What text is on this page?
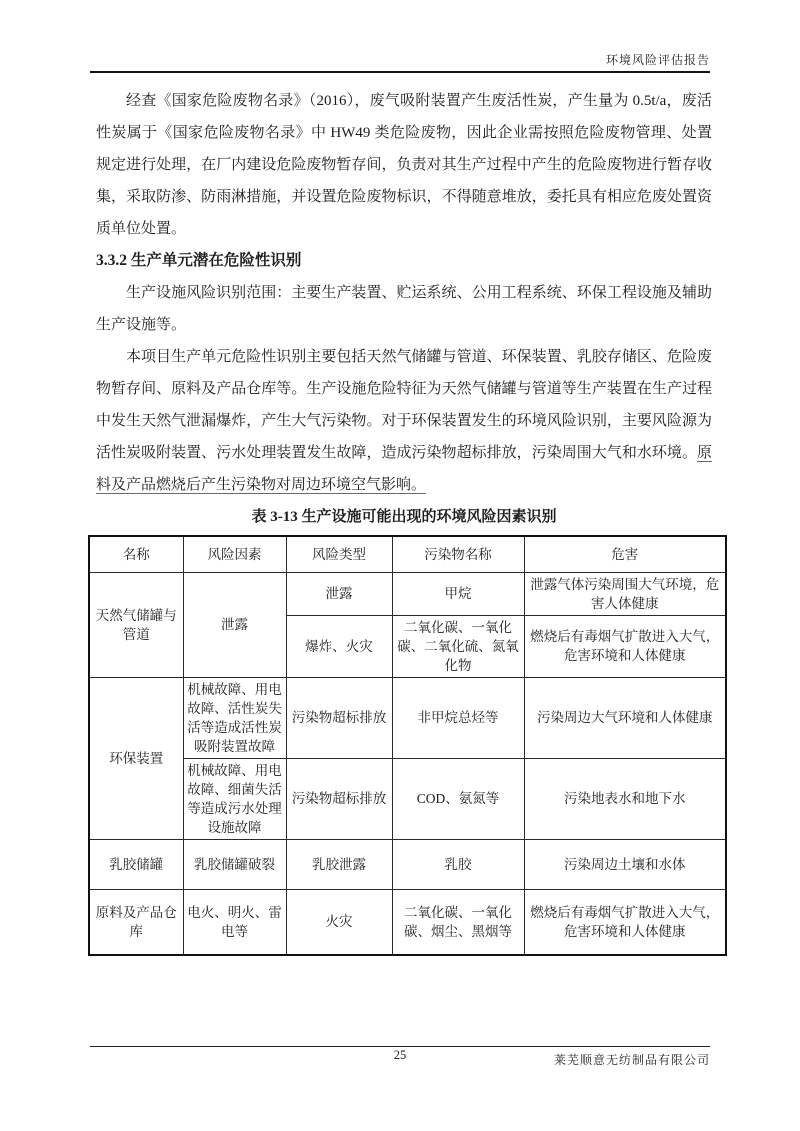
环境风险评估报告

经查《国家危险废物名录》（2016），废气吸附装置产生废活性炭，产生量为 0.5t/a，废活性炭属于《国家危险废物名录》中 HW49 类危险废物，因此企业需按照危险废物管理、处置规定进行处理，在厂内建设危险废物暂存间，负责对其生产过程中产生的危险废物进行暂存收集，采取防渗、防雨淋措施，并设置危险废物标识，不得随意堆放，委托具有相应危废处置资质单位处置。

3.3.2 生产单元潜在危险性识别

生产设施风险识别范围：主要生产装置、贮运系统、公用工程系统、环保工程设施及辅助生产设施等。

本项目生产单元危险性识别主要包括天然气储罐与管道、环保装置、乳胶存储区、危险废物暂存间、原料及产品仓库等。生产设施危险特征为天然气储罐与管道等生产装置在生产过程中发生天然气泄漏爆炸，产生大气污染物。对于环保装置发生的环境风险识别，主要风险源为活性炭吸附装置、污水处理装置发生故障，造成污染物超标排放，污染周围大气和水环境。原料及产品燃烧后产生污染物对周边环境空气影响。

表 3-13 生产设施可能出现的环境风险因素识别

名称	风险因素	风险类型	污染物名称	危害
天然气储罐与管道	泄露	泄露	甲烷	泄露气体污染周围大气环境，危害人体健康
		爆炸、火灾	二氧化碳、一氧化碳、二氧化硫、氮氧化物	燃烧后有毒烟气扩散进入大气，危害环境和人体健康
环保装置	机械故障、用电故障、活性炭失活等造成活性炭吸附装置故障	污染物超标排放	非甲烷总烃等	污染周边大气环境和人体健康
	机械故障、用电故障、细菌失活等造成污水处理设施故障	污染物超标排放	COD、氨氮等	污染地表水和地下水
乳胶储罐	乳胶储罐破裂	乳胶泄露	乳胶	污染周边土壤和水体
原料及产品仓库	电火、明火、雷电等	火灾	二氧化碳、一氧化碳、烟尘、黑烟等	燃烧后有毒烟气扩散进入大气，危害环境和人体健康
25	莱芜顺意无纺制品有限公司
